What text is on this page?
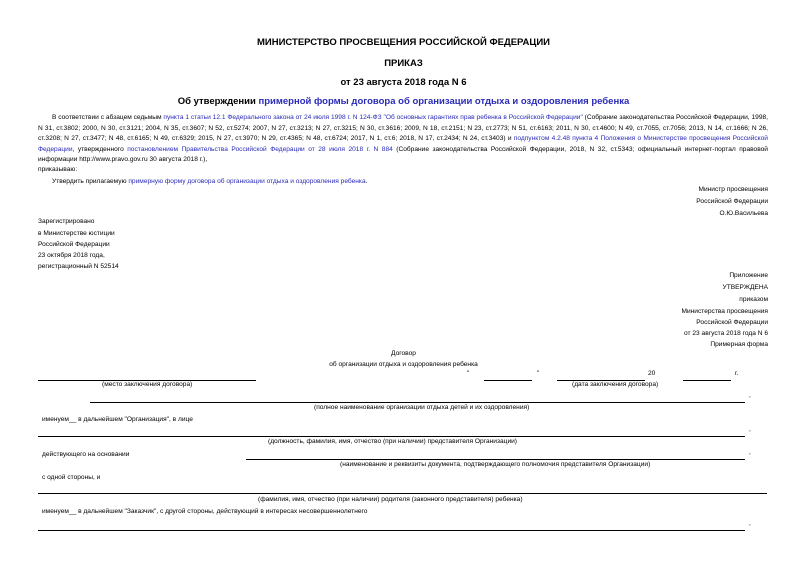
МИНИСТЕРСТВО ПРОСВЕЩЕНИЯ РОССИЙСКОЙ ФЕДЕРАЦИИ
ПРИКАЗ
от 23 августа 2018 года N 6
Об утверждении примерной формы договора об организации отдыха и оздоровления ребенка
В соответствии с абзацем седьмым пункта 1 статьи 12.1 Федерального закона от 24 июля 1998 г. N 124-ФЗ "Об основных гарантиях прав ребенка в Российской Федерации" (Собрание законодательства Российской Федерации, 1998, N 31, ст.3802; 2000, N 30, ст.3121; 2004, N 35, ст.3607; N 52, ст.5274; 2007, N 27, ст.3213; N 27, ст.3215; N 30, ст.3616; 2009, N 18, ст.2151; N 23, ст.2773; N 51, ст.6163; 2011, N 30, ст.4600; N 49, ст.7055, ст.7056; 2013, N 14, ст.1666; N 26, ст.3208; N 27, ст.3477; N 48, ст.6165; N 49, ст.6329; 2015, N 27, ст.3970; N 29, ст.4365; N 48, ст.6724; 2017, N 1, ст.6; 2018, N 17, ст.2434; N 24, ст.3403) и подпунктом 4.2.48 пункта 4 Положения о Министерстве просвещения Российской Федерации, утвержденного постановлением Правительства Российской Федерации от 28 июля 2018 г. N 884 (Собрание законодательства Российской Федерации, 2018, N 32, ст.5343; официальный интернет-портал правовой информации http://www.pravo.gov.ru 30 августа 2018 г.),
приказываю:
Утвердить прилагаемую примерную форму договора об организации отдыха и оздоровления ребенка.
Министр просвещения
Российской Федерации
О.Ю.Васильева
Зарегистрировано
в Министерстве юстиции
Российской Федерации
23 октября 2018 года,
регистрационный N 52514
Приложение
УТВЕРЖДЕНА
приказом
Министерства просвещения
Российской Федерации
от 23 августа 2018 года N 6
Примерная форма
Договор
об организации отдыха и оздоровления ребенка
"	"	20	г.
(место заключения договора)	(дата заключения договора)
,
(полное наименование организации отдыха детей и их оздоровления)
именуем__ в дальнейшем "Организация", в лице
,
(должность, фамилия, имя, отчество (при наличии) представителя Организации)
действующего на основании	,
(наименование и реквизиты документа, подтверждающего полномочия представителя Организации)
с одной стороны, и
(фамилия, имя, отчество (при наличии) родителя (законного представителя) ребенка)
именуем__ в дальнейшем "Заказчик", с другой стороны, действующий в интересах несовершеннолетнего
,
